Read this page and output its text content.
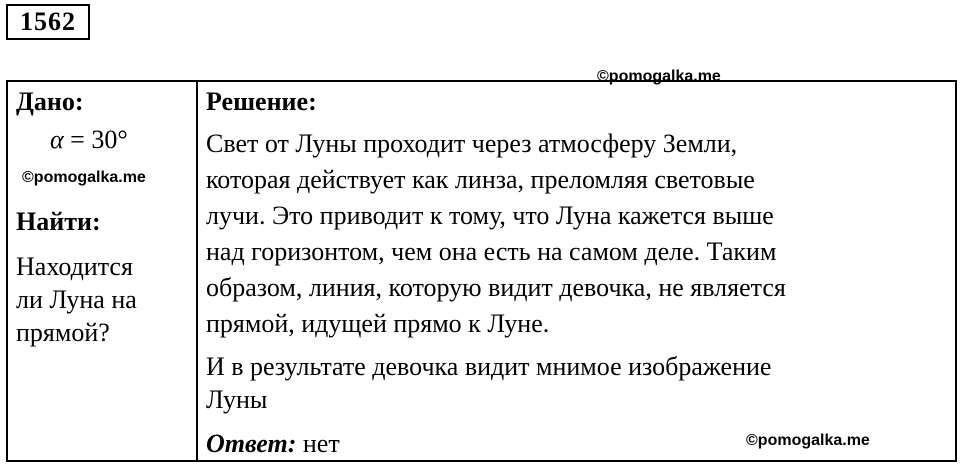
1562
©pomogalka.me
Дано:
α = 30°
Найти:
Находится
ли Луна на
прямой?
Решение:
Свет от Луны проходит через атмосферу Земли,
которая действует как линза, преломляя световые
лучи. Это приводит к тому, что Луна кажется выше
над горизонтом, чем она есть на самом деле. Таким
образом, линия, которую видит девочка, не является
прямой, идущей прямо к Луне.
И в результате девочка видит мнимое изображение
Луны
Ответ: нет
©pomogalka.me
©pomogalka.me
